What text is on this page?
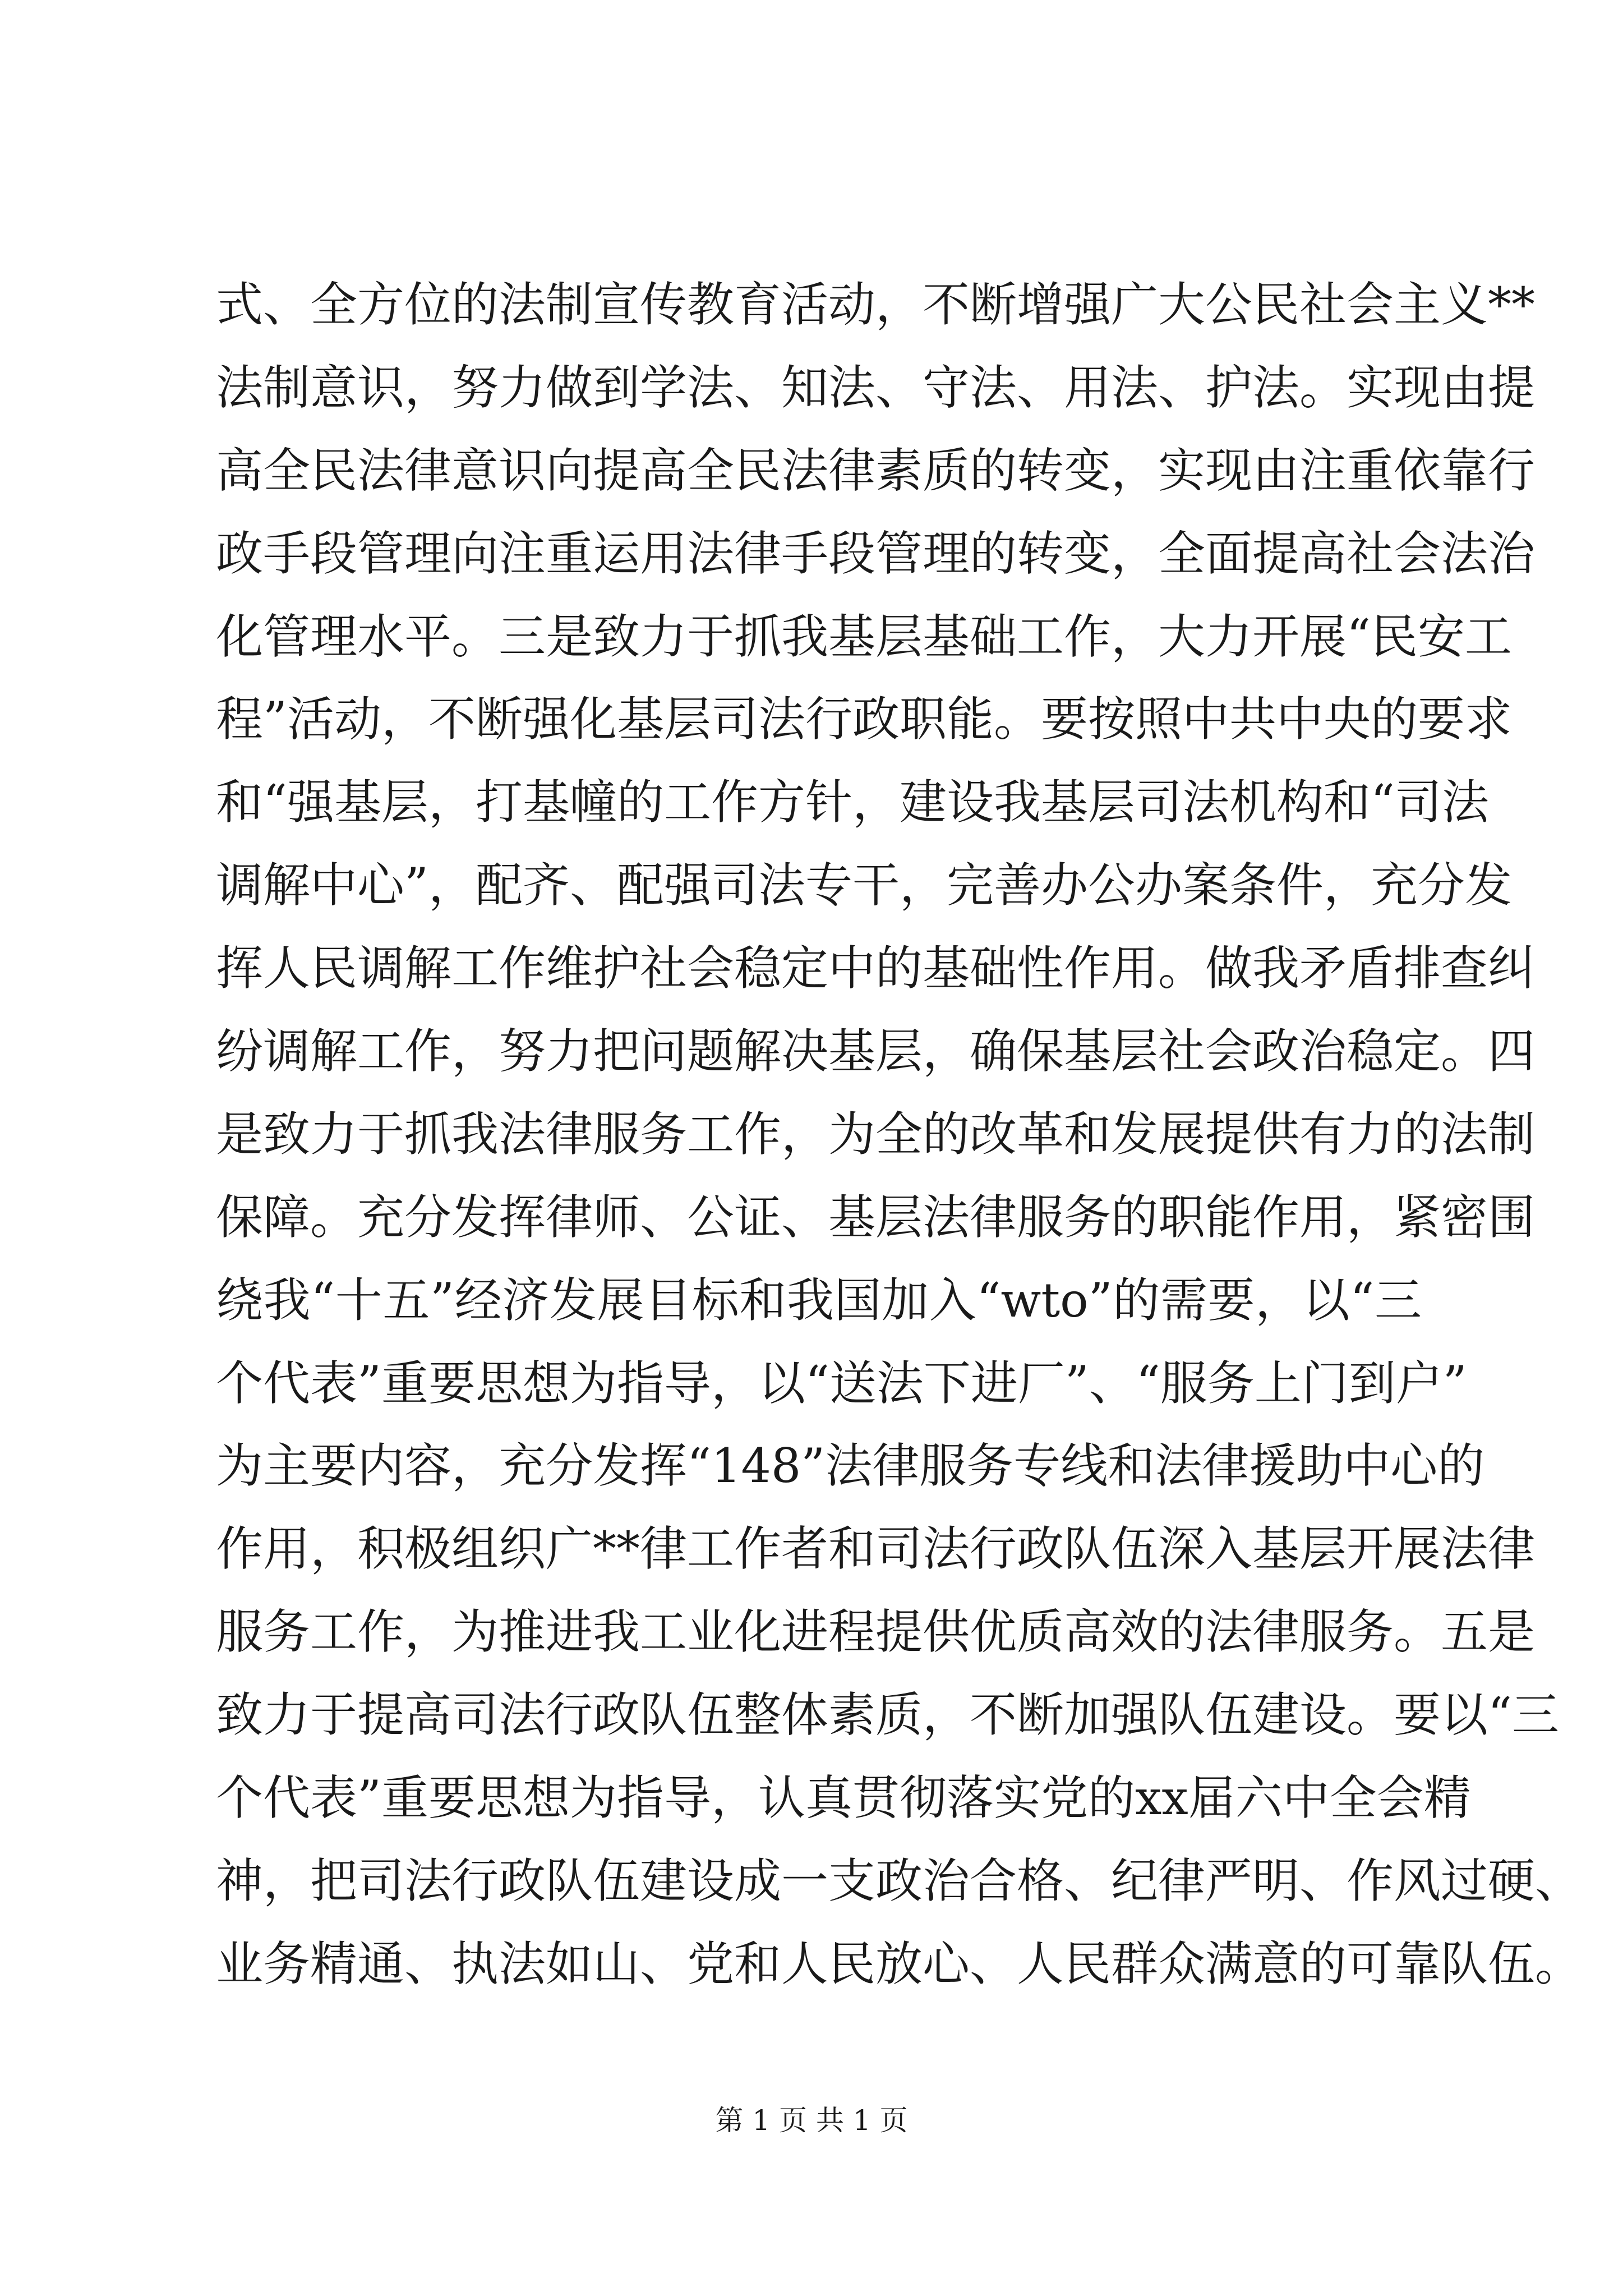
式、全方位的法制宣传教育活动，不断增强广大公民社会主义**
法制意识，努力做到学法、知法、守法、用法、护法。实现由提
高全民法律意识向提高全民法律素质的转变，实现由注重依靠行
政手段管理向注重运用法律手段管理的转变，全面提高社会法治
化管理水平。三是致力于抓我基层基础工作，大力开展“民安工
程”活动，不断强化基层司法行政职能。要按照中共中央的要求
和“强基层，打基幢的工作方针，建设我基层司法机构和“司法
调解中心”，配齐、配强司法专干，完善办公办案条件，充分发
挥人民调解工作维护社会稳定中的基础性作用。做我矛盾排查纠
纷调解工作，努力把问题解决基层，确保基层社会政治稳定。四
是致力于抓我法律服务工作，为全的改革和发展提供有力的法制
保障。充分发挥律师、公证、基层法律服务的职能作用，紧密围
绕我“十五”经济发展目标和我国加入“wto”的需要，以“三
个代表”重要思想为指导，以“送法下进厂”、“服务上门到户”
为主要内容，充分发挥“148”法律服务专线和法律援助中心的
作用，积极组织广**律工作者和司法行政队伍深入基层开展法律
服务工作，为推进我工业化进程提供优质高效的法律服务。五是
致力于提高司法行政队伍整体素质，不断加强队伍建设。要以“三
个代表”重要思想为指导，认真贯彻落实党的xx届六中全会精
神，把司法行政队伍建设成一支政治合格、纪律严明、作风过硬、
业务精通、执法如山、党和人民放心、人民群众满意的可靠队伍。
第 1 页 共 1 页
